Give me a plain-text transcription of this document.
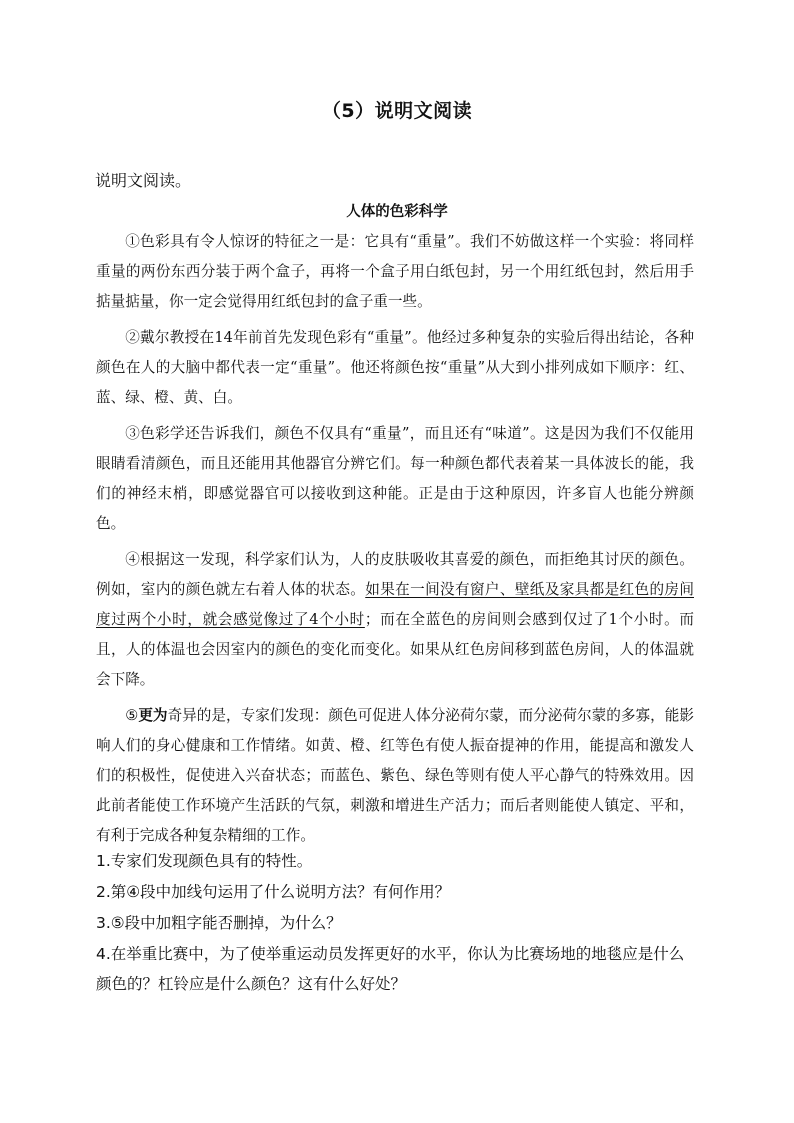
（5）说明文阅读
说明文阅读。
人体的色彩科学

①色彩具有令人惊讶的特征之一是：它具有“重量”。我们不妨做这样一个实验：将同样重量的两份东西分装于两个盒子，再将一个盒子用白纸包封，另一个用红纸包封，然后用手掂量掂量，你一定会觉得用红纸包封的盒子重一些。

②戴尔教授在14年前首先发现色彩有“重量”。他经过多种复杂的实验后得出结论，各种颜色在人的大脑中都代表一定“重量”。他还将颜色按“重量”从大到小排列成如下顺序：红、蓝、绿、橙、黄、白。

③色彩学还告诉我们，颜色不仅具有“重量”，而且还有“味道”。这是因为我们不仅能用眼睛看清颜色，而且还能用其他器官分辨它们。每一种颜色都代表着某一具体波长的能，我们的神经末梢，即感觉器官可以接收到这种能。正是由于这种原因，许多盲人也能分辨颜色。

④根据这一发现，科学家们认为，人的皮肤吸收其喜爱的颜色，而拒绝其讨厌的颜色。例如，室内的颜色就左右着人体的状态。如果在一间没有窗户、壁纸及家具都是红色的房间度过两个小时，就会感觉像过了4个小时；而在全蓝色的房间则会感到仅过了1个小时。而且，人的体温也会因室内的颜色的变化而变化。如果从红色房间移到蓝色房间，人的体温就会下降。

⑤更为奇异的是，专家们发现：颜色可促进人体分泌荷尔蒙，而分泌荷尔蒙的多寡，能影响人们的身心健康和工作情绪。如黄、橙、红等色有使人振奋提神的作用，能提高和激发人们的积极性，促使进入兴奋状态；而蓝色、紫色、绿色等则有使人平心静气的特殊效用。因此前者能使工作环境产生活跃的气氛，刺激和增进生产活力；而后者则能使人镇定、平和，有利于完成各种复杂精细的工作。

1.专家们发现颜色具有的特性。
2.第④段中加线句运用了什么说明方法？有何作用？
3.⑤段中加粗字能否删掉，为什么？
4.在举重比赛中，为了使举重运动员发挥更好的水平，你认为比赛场地的地毯应是什么颜色的？杠铃应是什么颜色？这有什么好处？
